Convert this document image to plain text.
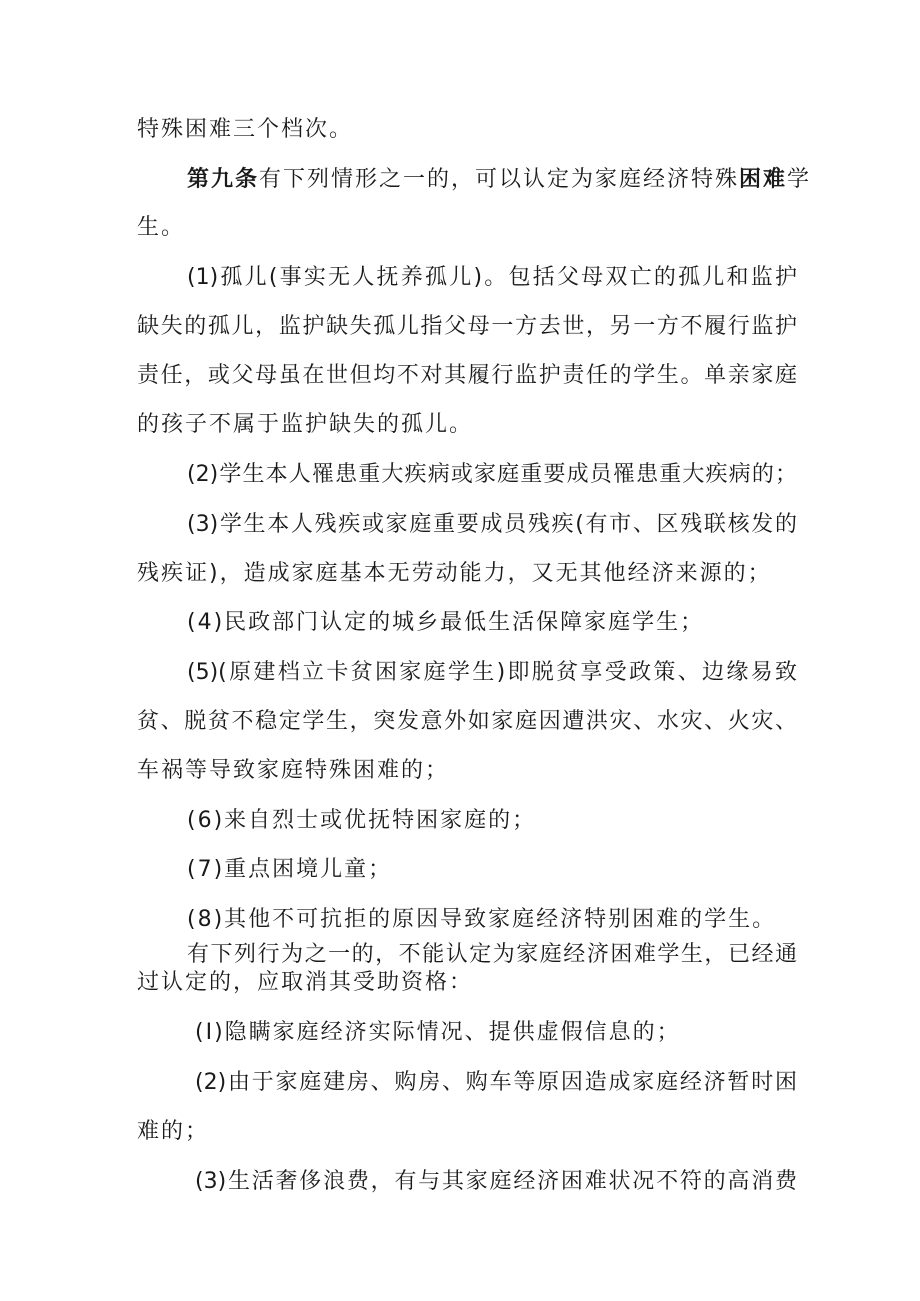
特殊困难三个档次。
第九条有下列情形之一的，可以认定为家庭经济特殊困难学
生。
(1)孤儿(事实无人抚养孤儿)。包括父母双亡的孤儿和监护
缺失的孤儿，监护缺失孤儿指父母一方去世，另一方不履行监护
责任，或父母虽在世但均不对其履行监护责任的学生。单亲家庭
的孩子不属于监护缺失的孤儿。
(2)学生本人罹患重大疾病或家庭重要成员罹患重大疾病的；
(3)学生本人残疾或家庭重要成员残疾(有市、区残联核发的
残疾证)，造成家庭基本无劳动能力，又无其他经济来源的；
(4)民政部门认定的城乡最低生活保障家庭学生；
(5)(原建档立卡贫困家庭学生)即脱贫享受政策、边缘易致
贫、脱贫不稳定学生，突发意外如家庭因遭洪灾、水灾、火灾、
车祸等导致家庭特殊困难的；
(6)来自烈士或优抚特困家庭的；
(7)重点困境儿童；
(8)其他不可抗拒的原因导致家庭经济特别困难的学生。
有下列行为之一的，不能认定为家庭经济困难学生，已经通
过认定的，应取消其受助资格：
(I)隐瞒家庭经济实际情况、提供虚假信息的；
(2)由于家庭建房、购房、购车等原因造成家庭经济暂时困
难的；
(3)生活奢侈浪费，有与其家庭经济困难状况不符的高消费
